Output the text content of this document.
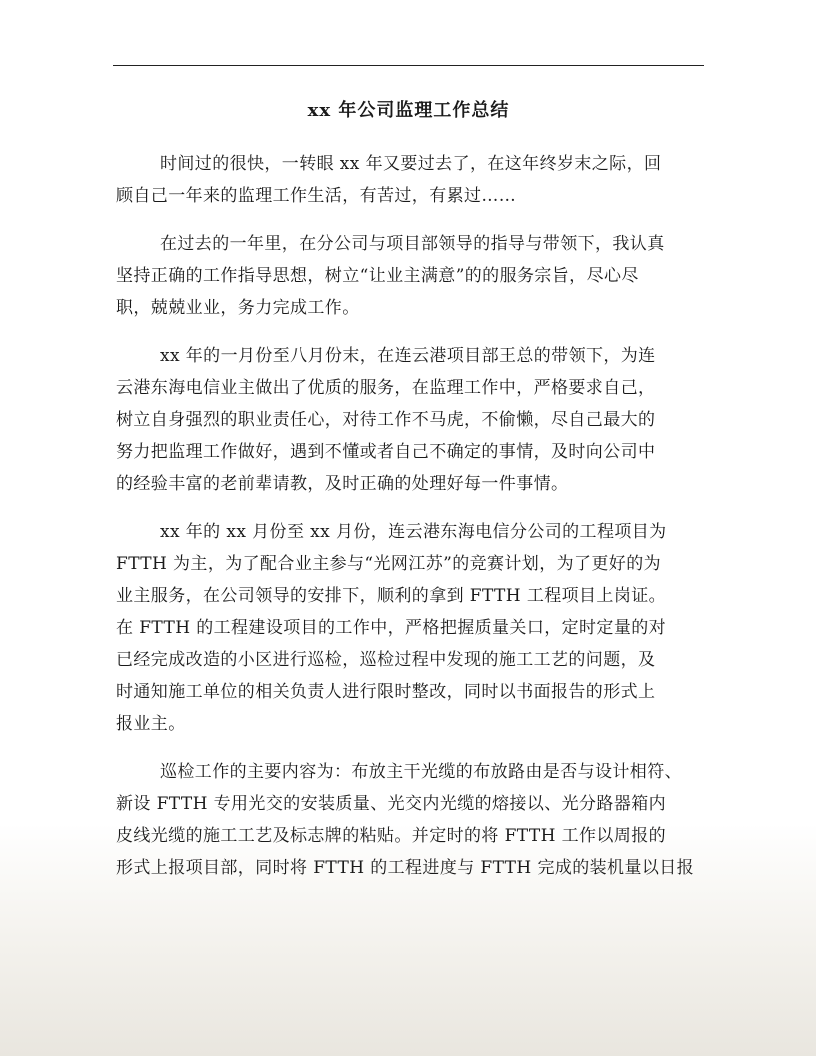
xx 年公司监理工作总结
时间过的很快，一转眼 xx 年又要过去了，在这年终岁末之际，回
顾自己一年来的监理工作生活，有苦过，有累过……
在过去的一年里，在分公司与项目部领导的指导与带领下，我认真
坚持正确的工作指导思想，树立“让业主满意”的的服务宗旨，尽心尽
职，兢兢业业，务力完成工作。
xx 年的一月份至八月份末，在连云港项目部王总的带领下，为连
云港东海电信业主做出了优质的服务，在监理工作中，严格要求自己，
树立自身强烈的职业责任心，对待工作不马虎，不偷懒，尽自己最大的
努力把监理工作做好，遇到不懂或者自己不确定的事情，及时向公司中
的经验丰富的老前辈请教，及时正确的处理好每一件事情。
xx 年的 xx 月份至 xx 月份，连云港东海电信分公司的工程项目为
FTTH 为主，为了配合业主参与“光网江苏”的竞赛计划，为了更好的为
业主服务，在公司领导的安排下，顺利的拿到 FTTH 工程项目上岗证。
在 FTTH 的工程建设项目的工作中，严格把握质量关口，定时定量的对
已经完成改造的小区进行巡检，巡检过程中发现的施工工艺的问题，及
时通知施工单位的相关负责人进行限时整改，同时以书面报告的形式上
报业主。
巡检工作的主要内容为：布放主干光缆的布放路由是否与设计相符、
新设 FTTH 专用光交的安装质量、光交内光缆的熔接以、光分路器箱内
皮线光缆的施工工艺及标志牌的粘贴。并定时的将 FTTH 工作以周报的
形式上报项目部，同时将 FTTH 的工程进度与 FTTH 完成的装机量以日报
